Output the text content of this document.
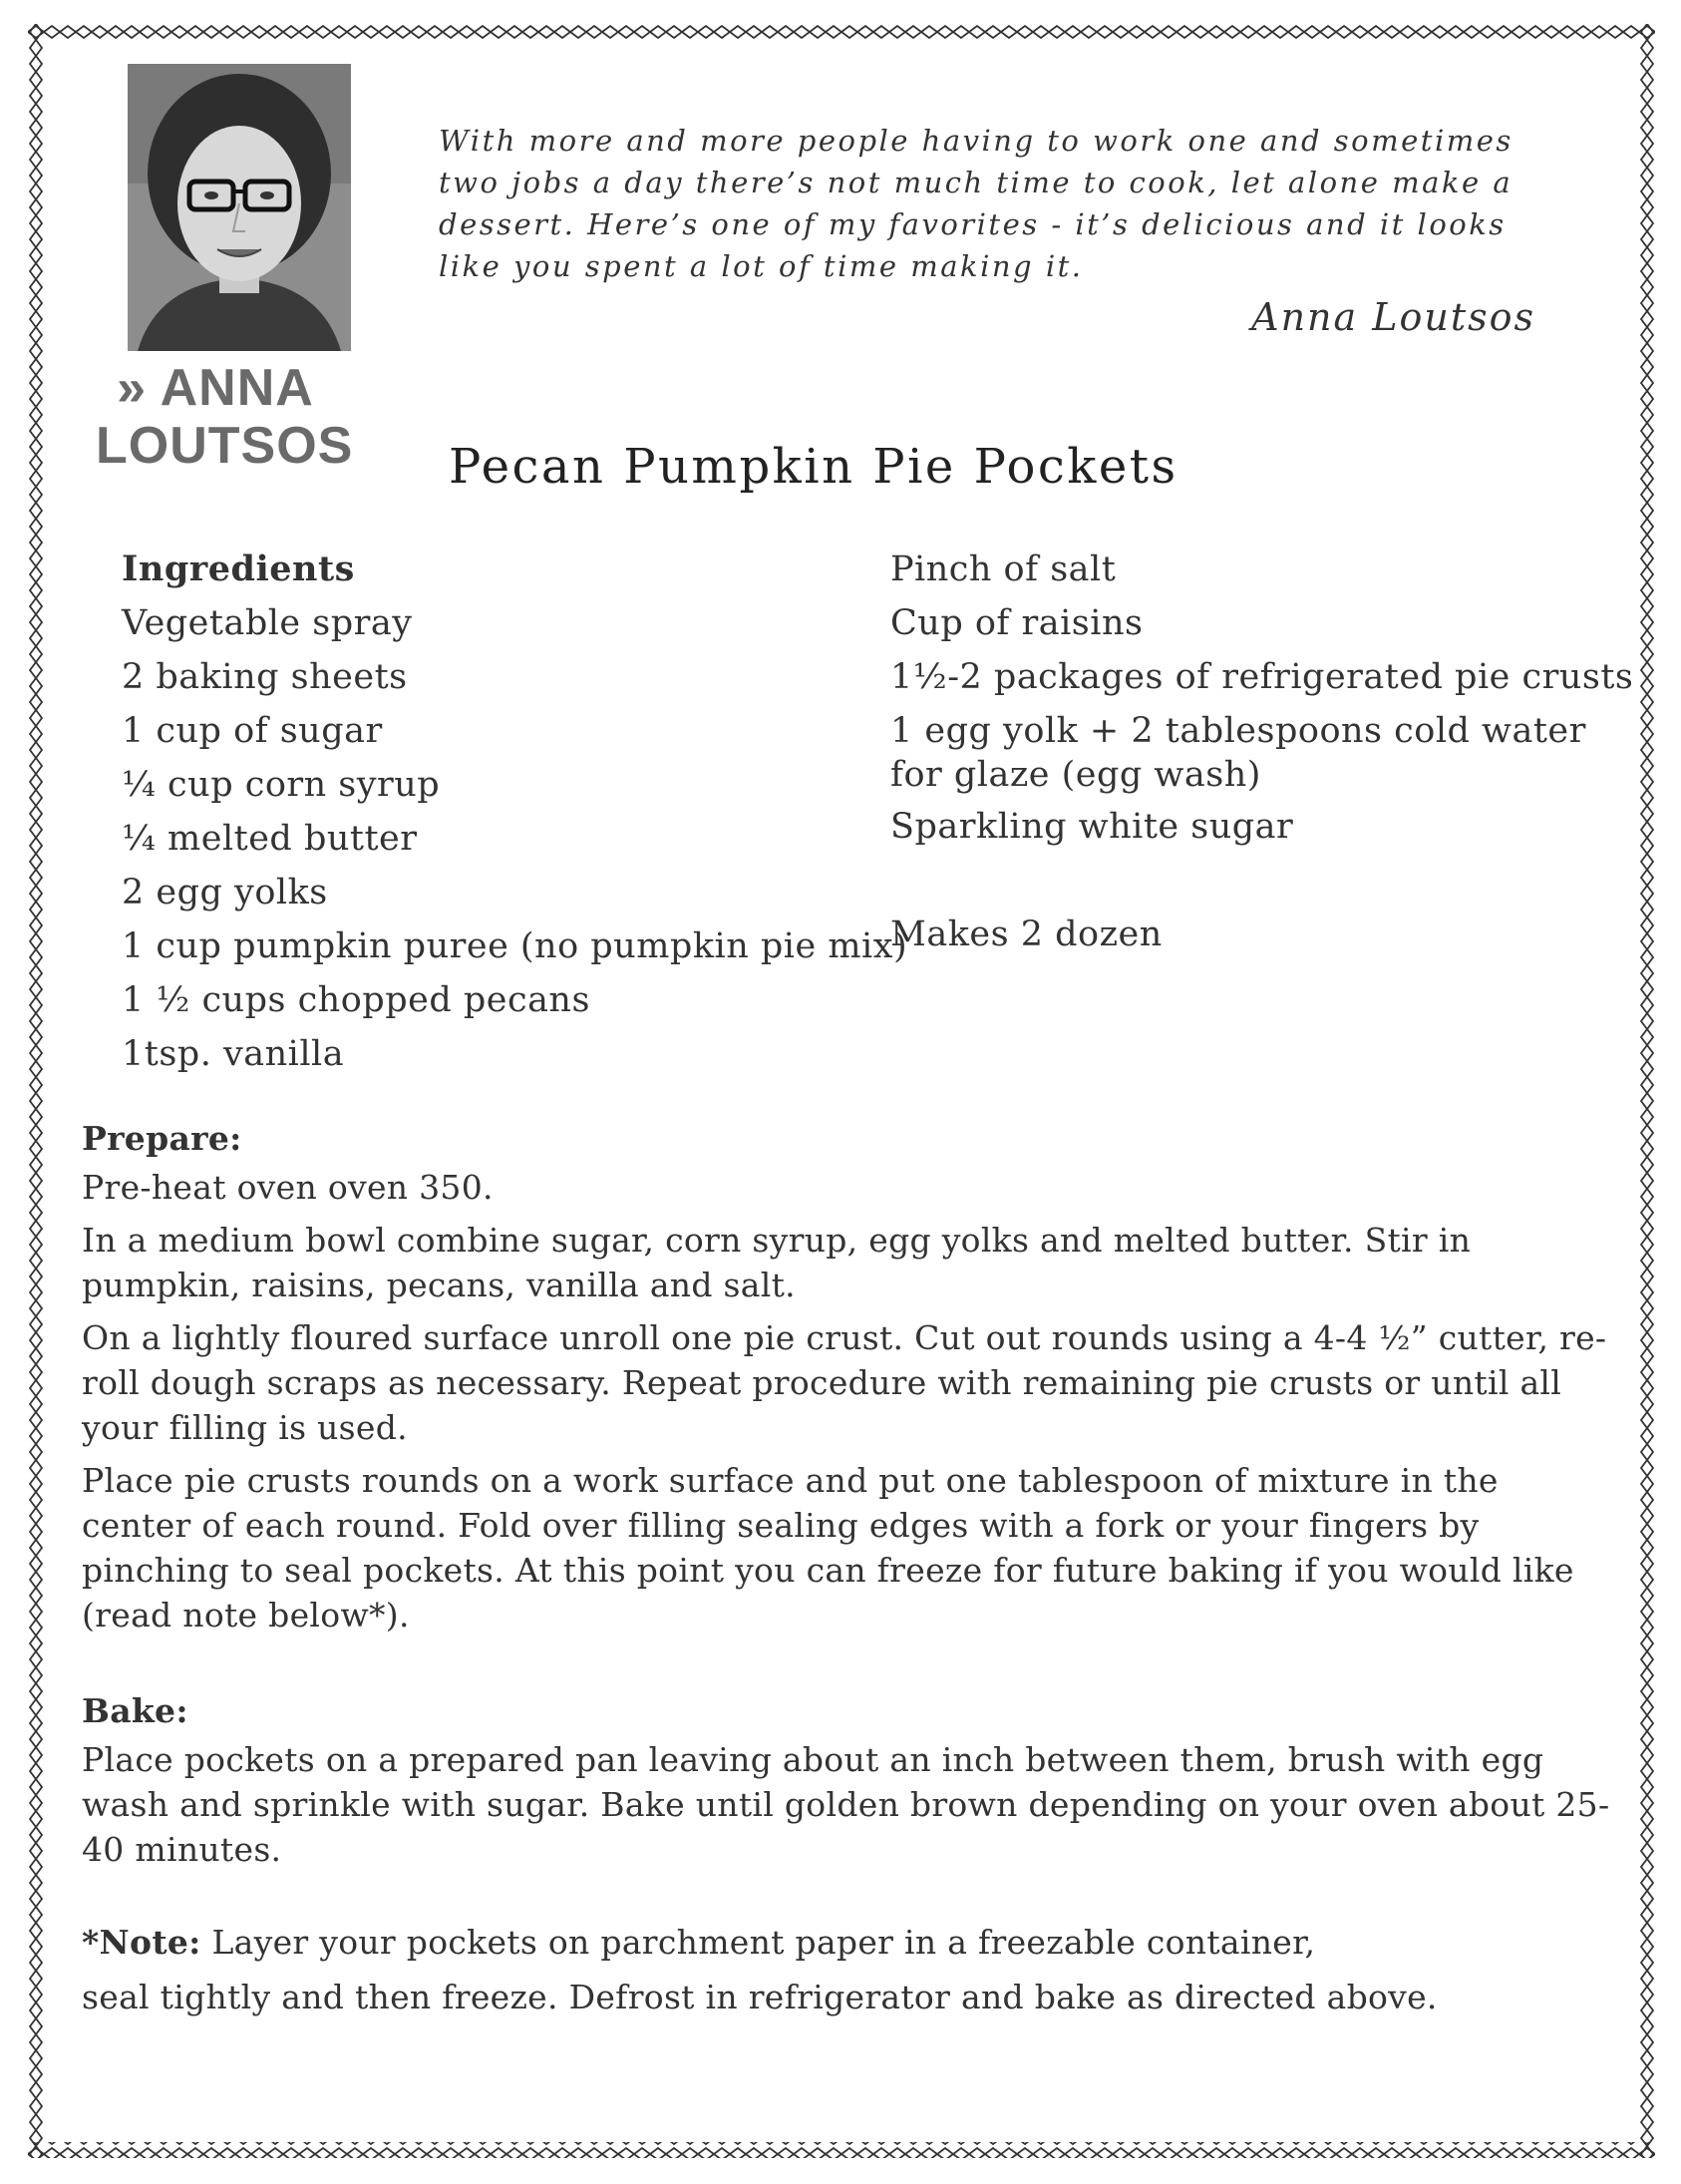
» ANNA
LOUTSOS
With more and more people having to work one and sometimes two jobs a day there’s not much time to cook, let alone make a dessert. Here’s one of my favorites - it’s delicious and it looks like you spent a lot of time making it.
Anna Loutsos
Pecan Pumpkin Pie Pockets
Ingredients
Vegetable spray
2 baking sheets
1 cup of sugar
¼ cup corn syrup
¼ melted butter
2 egg yolks
1 cup pumpkin puree (no pumpkin pie mix)
1 ½ cups chopped pecans
1tsp. vanilla
Pinch of salt
Cup of raisins
1½-2 packages of refrigerated pie crusts
1 egg yolk + 2 tablespoons cold water for glaze (egg wash)
Sparkling white sugar
Makes 2 dozen
Prepare:

Pre-heat oven oven 350.

In a medium bowl combine sugar, corn syrup, egg yolks and melted butter. Stir in pumpkin, raisins, pecans, vanilla and salt.

On a lightly floured surface unroll one pie crust. Cut out rounds using a 4-4 ½” cutter, re-roll dough scraps as necessary. Repeat procedure with remaining pie crusts or until all your filling is used.

Place pie crusts rounds on a work surface and put one tablespoon of mixture in the center of each round. Fold over filling sealing edges with a fork or your fingers by pinching to seal pockets. At this point you can freeze for future baking if you would like (read note below*).

Bake:

Place pockets on a prepared pan leaving about an inch between them, brush with egg wash and sprinkle with sugar. Bake until golden brown depending on your oven about 25-40 minutes.

*Note: Layer your pockets on parchment paper in a freezable container,

seal tightly and then freeze. Defrost in refrigerator and bake as directed above.
